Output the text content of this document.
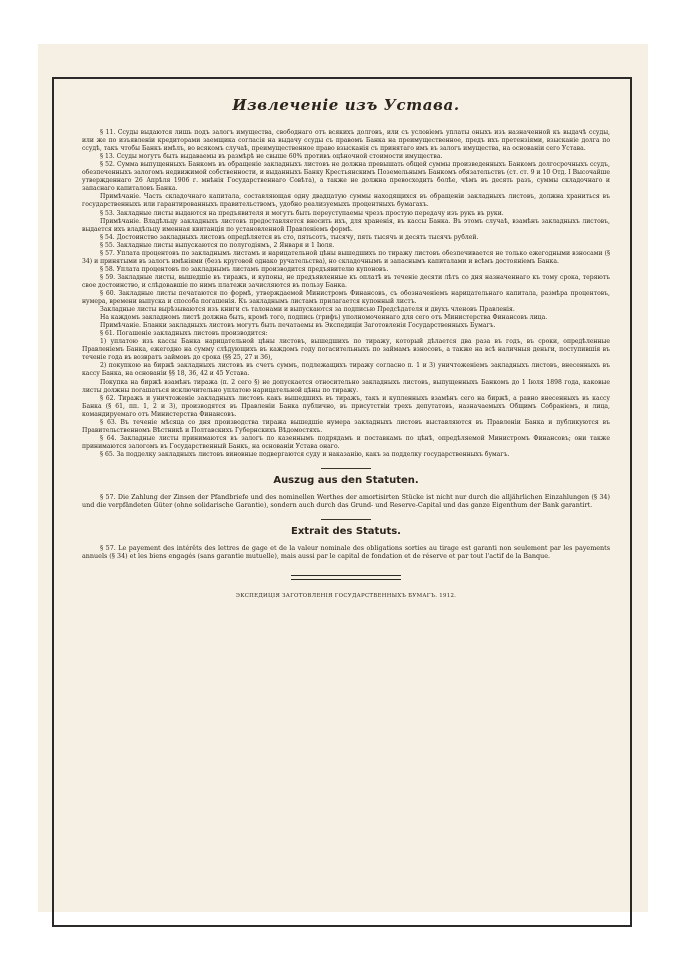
Извлеченіе изъ Устава.

§ 11. Ссуды выдаются лишь подъ залогъ имущества, свободнаго отъ всякихъ долговъ, или съ условіемъ уплаты оныхъ изъ назначенной къ выдачѣ ссуды, или же по изъявленіи кредиторами заемщика согласія на выдачу ссуды съ правомъ Банка на преимущественное, предъ ихъ претензіями, взысканіе долга по ссудѣ, такъ чтобы Банкъ имѣлъ, во всякомъ случаѣ, преимущественное право взысканія съ принятаго имъ въ залогъ имущества, на основаніи сего Устава.

§ 13. Ссуды могутъ быть выдаваемы въ размѣрѣ не свыше 60% противъ оцѣночной стоимости имущества.

§ 52. Сумма выпущенныхъ Банкомъ въ обращеніе закладныхъ листовъ не должна превышать общей суммы произведенныхъ Банкомъ долгосрочныхъ ссудъ, обезпеченныхъ залогомъ недвижимой собственности, и выданныхъ Банку Крестьянскимъ Поземельнымъ Банкомъ обязательствъ (ст. ст. 9 и 10 Отд. I Высочайше утвержденнаго 26 Апрѣля 1906 г. мнѣнія Государственнаго Совѣта), а также не должна превосходить болѣе, чѣмъ въ десять разъ, суммы складочнаго и запаснаго капиталовъ Банка.

Примѣчаніе. Часть складочнаго капитала, составляющая одну двадцатую суммы находящихся въ обращеніи закладныхъ листовъ, должна храниться въ государственныхъ или гарантированныхъ правительствомъ, удобно реализуемыхъ процентныхъ бумагахъ.

§ 53. Закладные листы выдаются на предъявителя и могутъ быть переуступаемы чрезъ простую передачу изъ рукъ въ руки.

Примѣчаніе. Владѣльцу закладныхъ листовъ предоставляется вносить ихъ, для храненія, въ кассы Банка. Въ этомъ случаѣ, взамѣнъ закладныхъ листовъ, выдается ихъ владѣльцу именная квитанція по установленной Правленіемъ формѣ.

§ 54. Достоинство закладныхъ листовъ опредѣляется въ сто, пятьсотъ, тысячу, пять тысячъ и десять тысячъ рублей.

§ 55. Закладные листы выпускаются по полугодіямъ, 2 Января и 1 Іюля.

§ 57. Уплата процентовъ по закладнымъ листамъ и нарицательной цѣны вышедшихъ по тиражу листовъ обезпечивается не только ежегодными взносами (§ 34) и принятыми въ залогъ имѣніями (безъ круговой однако ручательства), но складочнымъ и запаснымъ капиталами и всѣмъ достояніемъ Банка.

§ 58. Уплата процентовъ по закладнымъ листамъ производится предъявителю купоновъ.

§ 59. Закладные листы, вышедшіе въ тиражъ, и купоны, не предъявленные къ оплатѣ въ теченіе десяти лѣтъ со дня назначеннаго къ тому срока, теряютъ свое достоинство, и слѣдовавшіе по нимъ платежи зачисляются въ пользу Банка.

§ 60. Закладные листы печатаются по формѣ, утверждаемой Министромъ Финансовъ, съ обозначеніемъ нарицательнаго капитала, размѣра процентовъ, нумера, времени выпуска и способа погашенія. Къ закладнымъ листамъ прилагается купонный листъ.

Закладные листы вырѣзываются изъ книги съ талонами и выпускаются за подписью Предсѣдателя и двухъ членовъ Правленія.

На каждомъ закладномъ листѣ должна быть, кромѣ того, подпись (грифъ) уполномоченнаго для сего отъ Министерства Финансовъ лица.

Примѣчаніе. Бланки закладныхъ листовъ могутъ быть печатаемы въ Экспедиціи Заготовленія Государственныхъ Бумагъ.

§ 61. Погашеніе закладныхъ листовъ производится:

1) уплатою изъ кассы Банка нарицательной цѣны листовъ, вышедшихъ по тиражу, который дѣлается два раза въ годъ, въ сроки, опредѣленные Правленіемъ Банка, ежегодно на сумму слѣдующихъ въ каждомъ году погасительныхъ по займамъ взносовъ, а также на всѣ наличныя деньги, поступившія въ теченіе года въ возвратъ займовъ до срока (§§ 25, 27 и 36),

2) покупкою на биржѣ закладныхъ листовъ въ счетъ суммъ, подлежащихъ тиражу согласно п. 1 и 3) уничтоженіемъ закладныхъ листовъ, внесенныхъ въ кассу Банка, на основаніи §§ 18, 36, 42 и 45 Устава.

Покупка на биржѣ взамѣнъ тиража (п. 2 сего §) не допускается относительно закладныхъ листовъ, выпущенныхъ Банкомъ до 1 Іюля 1898 года, каковые листы должны погашаться исключительно уплатою нарицательной цѣны по тиражу.

§ 62. Тиражъ и уничтоженіе закладныхъ листовъ какъ вышедшихъ въ тиражъ, такъ и купленныхъ взамѣнъ сего на биржѣ, а равно внесенныхъ въ кассу Банка (§ 61, пп. 1, 2 и 3), производятся въ Правленіи Банка публично, въ присутствіи трехъ депутатовъ, назначаемыхъ Общимъ Собраніемъ, и лица, командируемаго отъ Министерства Финансовъ.

§ 63. Въ теченіе мѣсяца со дня производства тиража вышедшіе нумера закладныхъ листовъ выставляются въ Правленіи Банка и публикуются въ Правительственномъ Вѣстникѣ и Полтавскихъ Губернскихъ Вѣдомостяхъ.

§ 64. Закладные листы принимаются въ залогъ по казеннымъ подрядамъ и поставкамъ по цѣнѣ, опредѣляемой Министромъ Финансовъ; они также принимаются залогомъ въ Государственный Банкъ, на основаніи Устава онаго.

§ 65. За подделку закладныхъ листовъ виновные подвергаются суду и наказанію, какъ за подделку государственныхъ бумагъ.

Auszug aus den Statuten.

§ 57. Die Zahlung der Zinsen der Pfandbriefe und des nominellen Werthes der amortisirten Stücke ist nicht nur durch die alljährlichen Einzahlungen (§ 34) und die verpfändeten Güter (ohne solidarische Garantie), sondern auch durch das Grund- und Reserve-Capital und das ganze Eigenthum der Bank garantirt.

Extrait des Statuts.

§ 57. Le payement des intérêts des lettres de gage et de la valeur nominale des obligations sorties au tirage est garanti non seulement par les payements annuels (§ 34) et les biens engagés (sans garantie mutuelle), mais aussi par le capital de fondation et de réserve et par tout l'actif de la Banque.

ЭКСПЕДИЦІЯ ЗАГОТОВЛЕНІЯ ГОСУДАРСТВЕННЫХЪ БУМАГЪ. 1912.
